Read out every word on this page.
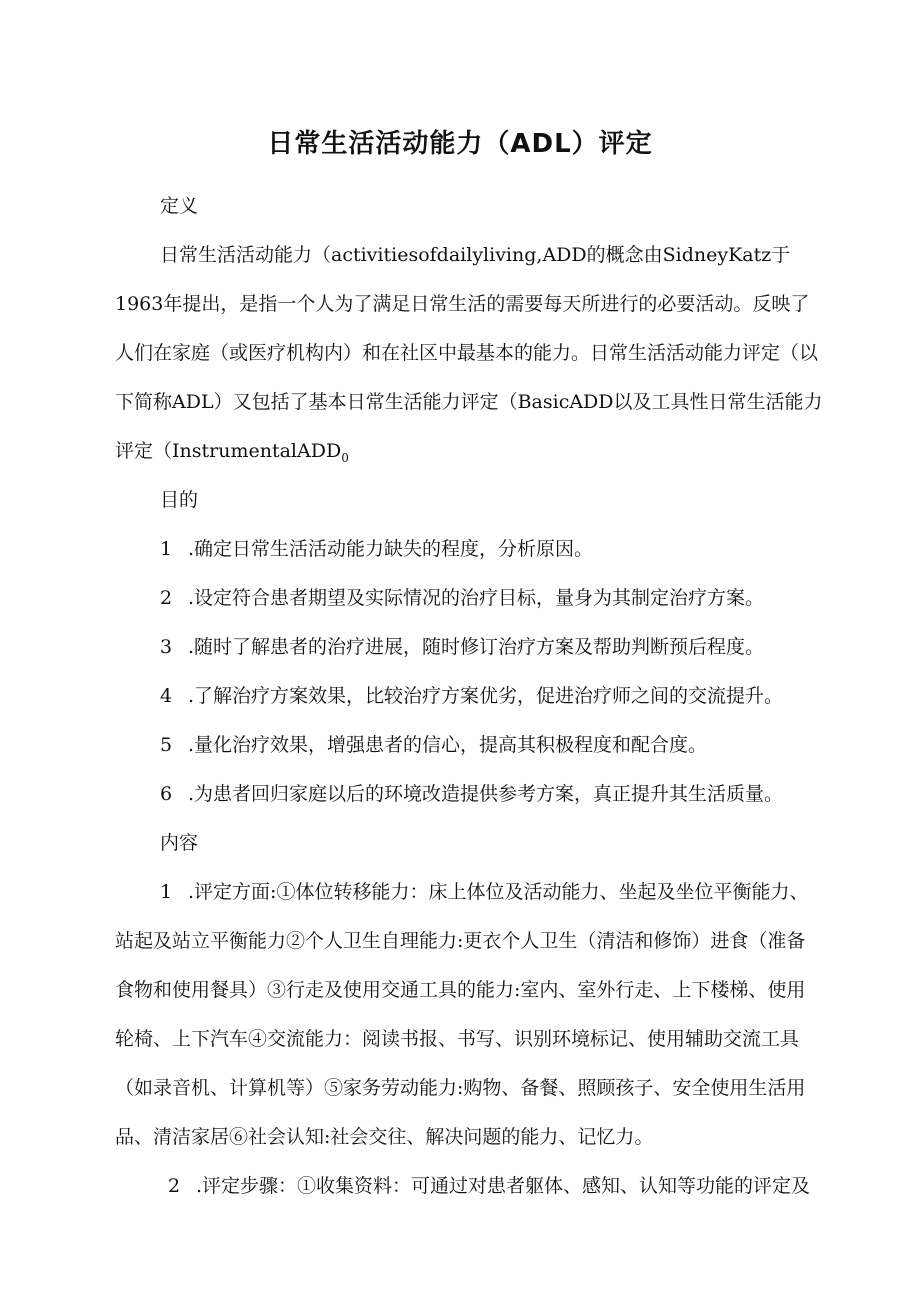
日常生活活动能力（ADL）评定
定义
日常生活活动能力（activitiesofdailyliving,ADD的概念由SidneyKatz于
1963年提出，是指一个人为了满足日常生活的需要每天所进行的必要活动。反映了
人们在家庭（或医疗机构内）和在社区中最基本的能力。日常生活活动能力评定（以
下简称ADL）又包括了基本日常生活能力评定（BasicADD以及工具性日常生活能力
评定（InstrumentalADD$_0$
目的
1 .确定日常生活活动能力缺失的程度，分析原因。
2 .设定符合患者期望及实际情况的治疗目标，量身为其制定治疗方案。
3 .随时了解患者的治疗进展，随时修订治疗方案及帮助判断预后程度。
4 .了解治疗方案效果，比较治疗方案优劣，促进治疗师之间的交流提升。
5 .量化治疗效果，增强患者的信心，提高其积极程度和配合度。
6 .为患者回归家庭以后的环境改造提供参考方案，真正提升其生活质量。
内容
1 .评定方面:①体位转移能力：床上体位及活动能力、坐起及坐位平衡能力、
站起及站立平衡能力②个人卫生自理能力:更衣个人卫生（清洁和修饰）进食（准备
食物和使用餐具）③行走及使用交通工具的能力:室内、室外行走、上下楼梯、使用
轮椅、上下汽车④交流能力：阅读书报、书写、识别环境标记、使用辅助交流工具
（如录音机、计算机等）⑤家务劳动能力:购物、备餐、照顾孩子、安全使用生活用
品、清洁家居⑥社会认知:社会交往、解决问题的能力、记忆力。
2 .评定步骤：①收集资料：可通过对患者躯体、感知、认知等功能的评定及
